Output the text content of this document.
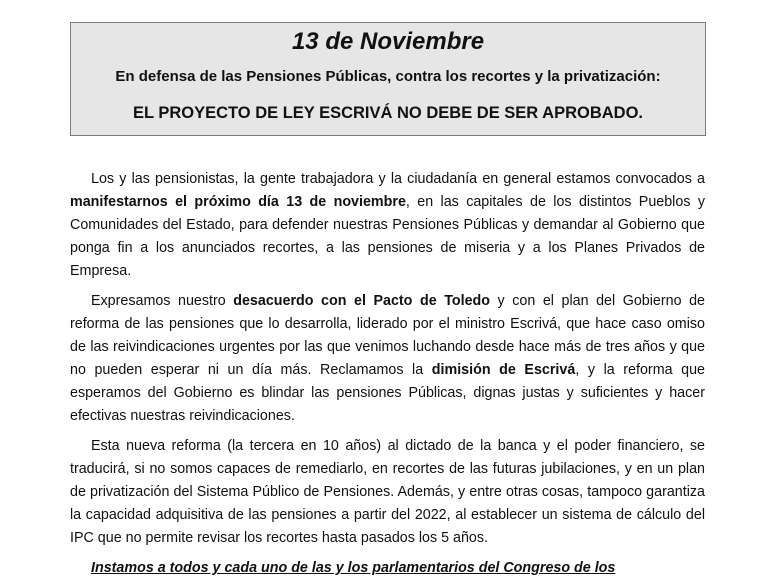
13 de Noviembre
En defensa de las Pensiones Públicas, contra los recortes y la privatización:
EL PROYECTO DE LEY ESCRIVÁ NO DEBE DE SER APROBADO.

Los y las pensionistas, la gente trabajadora y la ciudadanía en general estamos convocados a manifestarnos el próximo día 13 de noviembre, en las capitales de los distintos Pueblos y Comunidades del Estado, para defender nuestras Pensiones Públicas y demandar al Gobierno que ponga fin a los anunciados recortes, a las pensiones de miseria y a los Planes Privados de Empresa.

Expresamos nuestro desacuerdo con el Pacto de Toledo y con el plan del Gobierno de reforma de las pensiones que lo desarrolla, liderado por el ministro Escrivá, que hace caso omiso de las reivindicaciones urgentes por las que venimos luchando desde hace más de tres años y que no pueden esperar ni un día más. Reclamamos la dimisión de Escrivá, y la reforma que esperamos del Gobierno es blindar las pensiones Públicas, dignas justas y suficientes y hacer efectivas nuestras reivindicaciones.

Esta nueva reforma (la tercera en 10 años) al dictado de la banca y el poder financiero, se traducirá, si no somos capaces de remediarlo, en recortes de las futuras jubilaciones, y en un plan de privatización del Sistema Público de Pensiones. Además, y entre otras cosas, tampoco garantiza la capacidad adquisitiva de las pensiones a partir del 2022, al establecer un sistema de cálculo del IPC que no permite revisar los recortes hasta pasados los 5 años.

Instamos a todos y cada uno de las y los parlamentarios del Congreso de los
